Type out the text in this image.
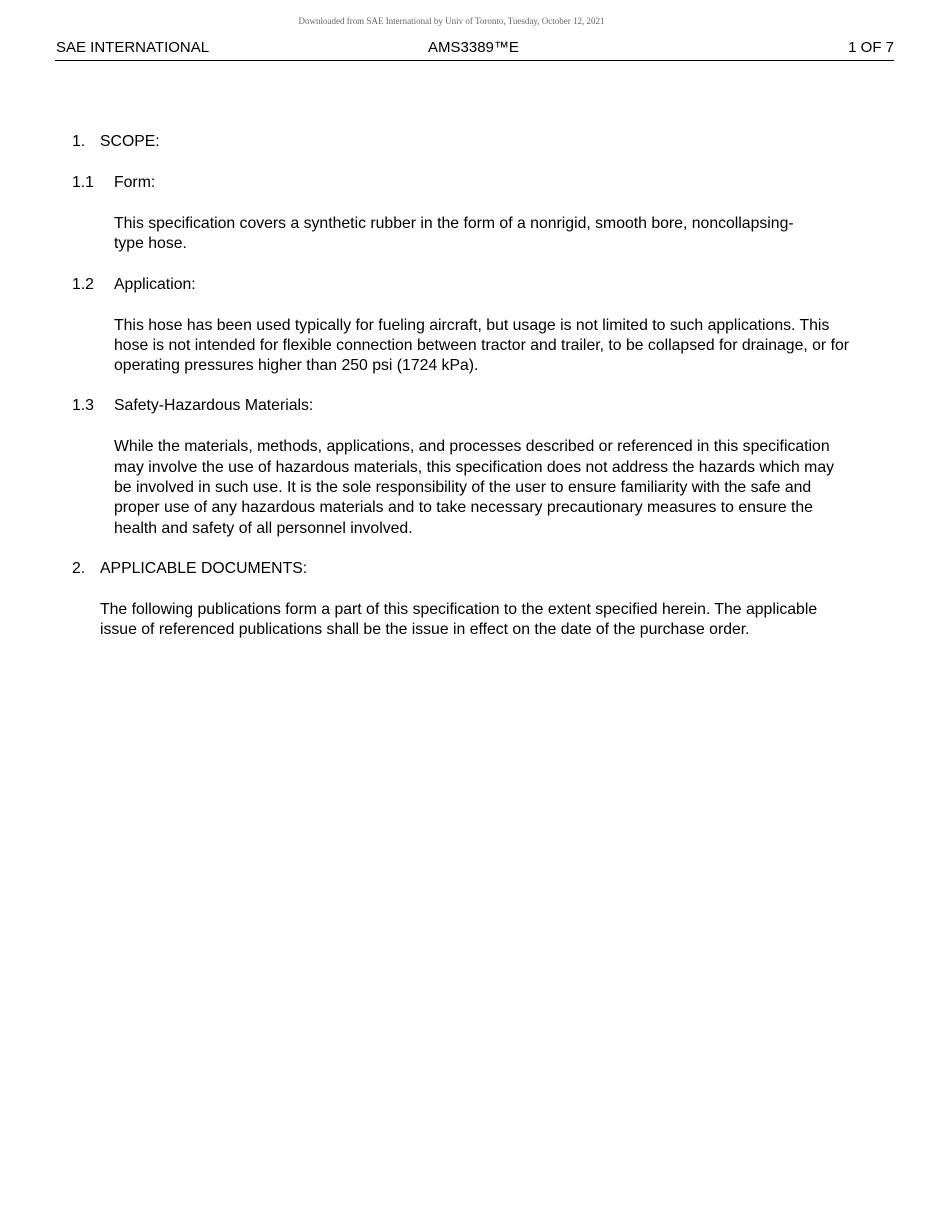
Downloaded from SAE International by Univ of Toronto, Tuesday, October 12, 2021
SAE INTERNATIONAL	AMS3389™E	1 OF 7
1. SCOPE:
1.1 Form:
This specification covers a synthetic rubber in the form of a nonrigid, smooth bore, noncollapsing-type hose.
1.2 Application:
This hose has been used typically for fueling aircraft, but usage is not limited to such applications. This hose is not intended for flexible connection between tractor and trailer, to be collapsed for drainage, or for operating pressures higher than 250 psi (1724 kPa).
1.3 Safety-Hazardous Materials:
While the materials, methods, applications, and processes described or referenced in this specification may involve the use of hazardous materials, this specification does not address the hazards which may be involved in such use. It is the sole responsibility of the user to ensure familiarity with the safe and proper use of any hazardous materials and to take necessary precautionary measures to ensure the health and safety of all personnel involved.
2. APPLICABLE DOCUMENTS:
The following publications form a part of this specification to the extent specified herein. The applicable issue of referenced publications shall be the issue in effect on the date of the purchase order.
